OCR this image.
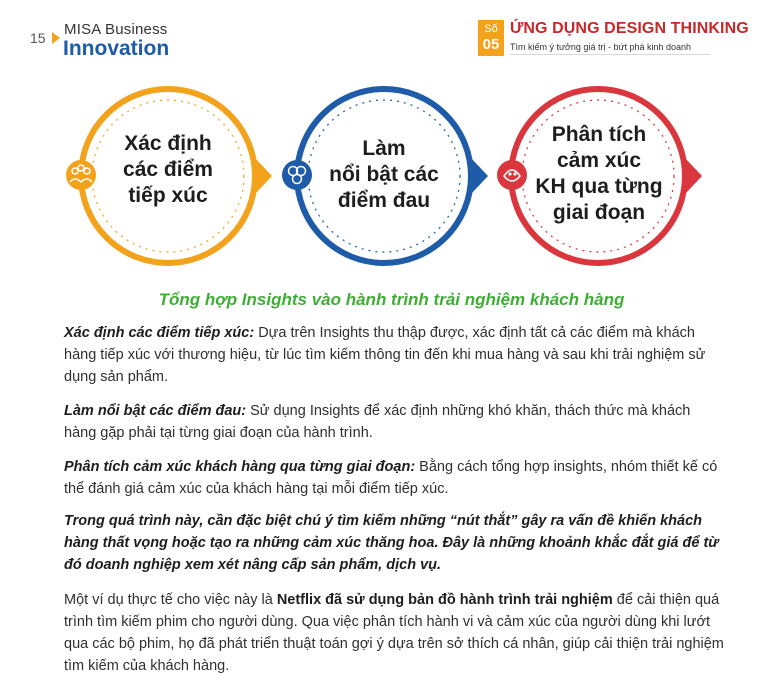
15 MISA Business
Innovation
Số
05
ỨNG DỤNG DESIGN THINKING
Tìm kiếm ý tưởng giá trị - bứt phá kinh doanh
Xác định
các điểm
tiếp xúc
Làm
nổi bật các
điểm đau
Phân tích
cảm xúc
KH qua từng
giai đoạn
Tổng hợp Insights vào hành trình trải nghiệm khách hàng
Xác định các điểm tiếp xúc: Dựa trên Insights thu thập được, xác định tất cả các điểm mà khách hàng tiếp xúc với thương hiệu, từ lúc tìm kiếm thông tin đến khi mua hàng và sau khi trải nghiệm sử dụng sản phẩm.
Làm nổi bật các điểm đau: Sử dụng Insights để xác định những khó khăn, thách thức mà khách hàng gặp phải tại từng giai đoạn của hành trình.
Phân tích cảm xúc khách hàng qua từng giai đoạn: Bằng cách tổng hợp insights, nhóm thiết kế có thể đánh giá cảm xúc của khách hàng tại mỗi điểm tiếp xúc.
Trong quá trình này, cần đặc biệt chú ý tìm kiếm những “nút thắt” gây ra vấn đề khiến khách hàng thất vọng hoặc tạo ra những cảm xúc thăng hoa. Đây là những khoảnh khắc đắt giá để từ đó doanh nghiệp xem xét nâng cấp sản phẩm, dịch vụ.
Một ví dụ thực tế cho việc này là Netflix đã sử dụng bản đồ hành trình trải nghiệm để cải thiện quá trình tìm kiếm phim cho người dùng. Qua việc phân tích hành vi và cảm xúc của người dùng khi lướt qua các bộ phim, họ đã phát triển thuật toán gợi ý dựa trên sở thích cá nhân, giúp cải thiện trải nghiệm tìm kiếm của khách hàng.
